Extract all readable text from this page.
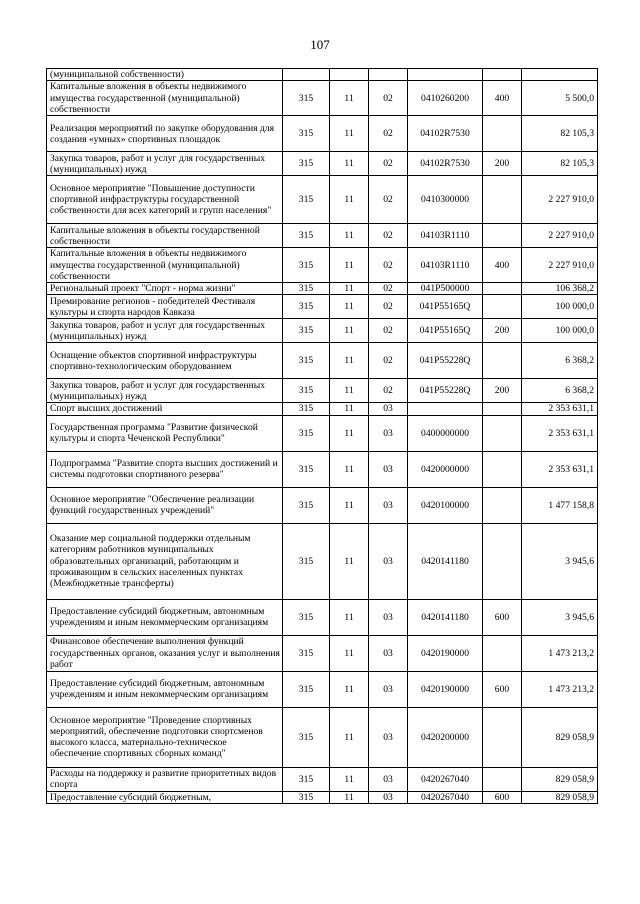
107
(муниципальной собственности)						
Капитальные вложения в объекты недвижимого имущества государственной (муниципальной) собственности	315	11	02	0410260200	400	5 500,0
Реализация мероприятий по закупке оборудования для создания «умных» спортивных площадок	315	11	02	04102R7530		82 105,3
Закупка товаров, работ и услуг для государственных (муниципальных) нужд	315	11	02	04102R7530	200	82 105,3
Основное мероприятие "Повышение доступности спортивной инфраструктуры государственной собственности для всех категорий и групп населения"	315	11	02	0410300000		2 227 910,0
Капитальные вложения в объекты государственной собственности	315	11	02	04103R1110		2 227 910,0
Капитальные вложения в объекты недвижимого имущества государственной (муниципальной) собственности	315	11	02	04103R1110	400	2 227 910,0
Региональный проект "Спорт - норма жизни"	315	11	02	041P500000		106 368,2
Премирование регионов - победителей Фестиваля культуры и спорта народов Кавказа	315	11	02	041P55165Q		100 000,0
Закупка товаров, работ и услуг для государственных (муниципальных) нужд	315	11	02	041P55165Q	200	100 000,0
Оснащение объектов спортивной инфраструктуры спортивно-технологическим оборудованием	315	11	02	041P55228Q		6 368,2
Закупка товаров, работ и услуг для государственных (муниципальных) нужд	315	11	02	041P55228Q	200	6 368,2
Спорт высших достижений	315	11	03			2 353 631,1
Государственная программа "Развитие физической культуры и спорта Чеченской Республики"	315	11	03	0400000000		2 353 631,1
Подпрограмма "Развитие спорта высших достижений и системы подготовки спортивного резерва"	315	11	03	0420000000		2 353 631,1
Основное мероприятие "Обеспечение реализации функций государственных учреждений"	315	11	03	0420100000		1 477 158,8
Оказание мер социальной поддержки отдельным категориям работников муниципальных образовательных организаций, работающим и проживающим в сельских населенных пунктах (Межбюджетные трансферты)	315	11	03	0420141180		3 945,6
Предоставление субсидий бюджетным, автономным учреждениям и иным некоммерческим организациям	315	11	03	0420141180	600	3 945,6
Финансовое обеспечение выполнения функций государственных органов, оказания услуг и выполнения работ	315	11	03	0420190000		1 473 213,2
Предоставление субсидий бюджетным, автономным учреждениям и иным некоммерческим организациям	315	11	03	0420190000	600	1 473 213,2
Основное мероприятие "Проведение спортивных мероприятий, обеспечение подготовки спортсменов высокого класса, материально-техническое обеспечение спортивных сборных команд"	315	11	03	0420200000		829 058,9
Расходы на поддержку и развитие приоритетных видов спорта	315	11	03	0420267040		829 058,9
Предоставление субсидий бюджетным,	315	11	03	0420267040	600	829 058,9
